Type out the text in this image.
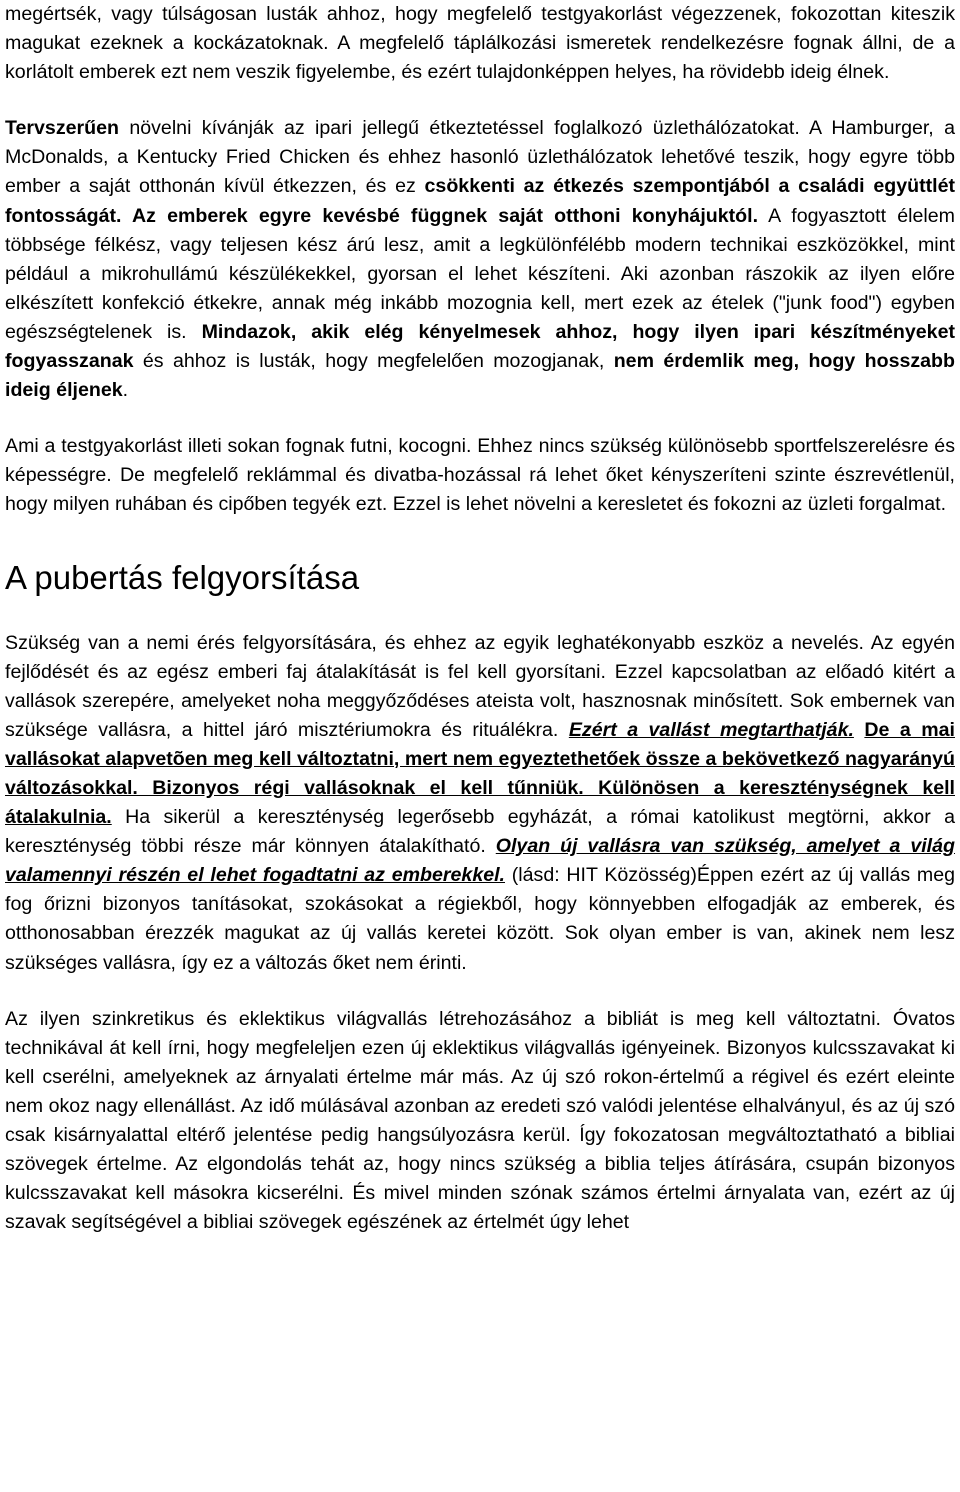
megértsék, vagy túlságosan lusták ahhoz, hogy megfelelő testgyakorlást végezzenek, fokozottan kiteszik magukat ezeknek a kockázatoknak. A megfelelő táplálkozási ismeretek rendelkezésre fognak állni, de a korlátolt emberek ezt nem veszik figyelembe, és ezért tulajdonképpen helyes, ha rövidebb ideig élnek.

Tervszerűen növelni kívánják az ipari jellegű étkeztetéssel foglalkozó üzlethálózatokat. A Hamburger, a McDonalds, a Kentucky Fried Chicken és ehhez hasonló üzlethálózatok lehetővé teszik, hogy egyre több ember a saját otthonán kívül étkezzen, és ez csökkenti az étkezés szempontjából a családi együttlét fontosságát. Az emberek egyre kevésbé függnek saját otthoni konyhájuktól. A fogyasztott élelem többsége félkész, vagy teljesen kész árú lesz, amit a legkülönfélébb modern technikai eszközökkel, mint például a mikrohullámú készülékekkel, gyorsan el lehet készíteni. Aki azonban rászokik az ilyen előre elkészített konfekció étkekre, annak még inkább mozognia kell, mert ezek az ételek ("junk food") egyben egészségtelenek is. Mindazok, akik elég kényelmesek ahhoz, hogy ilyen ipari készítményeket fogyasszanak és ahhoz is lusták, hogy megfelelően mozogjanak, nem érdemlik meg, hogy hosszabb ideig éljenek.

Ami a testgyakorlást illeti sokan fognak futni, kocogni. Ehhez nincs szükség különösebb sportfelszerelésre és képességre. De megfelelő reklámmal és divatba-hozással rá lehet őket kényszeríteni szinte észrevétlenül, hogy milyen ruhában és cipőben tegyék ezt. Ezzel is lehet növelni a keresletet és fokozni az üzleti forgalmat.

A pubertás felgyorsítása

Szükség van a nemi érés felgyorsítására, és ehhez az egyik leghatékonyabb eszköz a nevelés. Az egyén fejlődését és az egész emberi faj átalakítását is fel kell gyorsítani. Ezzel kapcsolatban az előadó kitért a vallások szerepére, amelyeket noha meggyőződéses ateista volt, hasznosnak minősített. Sok embernek van szüksége vallásra, a hittel járó misztériumokra és rituálékra. Ezért a vallást megtarthatják. De a mai vallásokat alapvetõen meg kell változtatni, mert nem egyeztethetőek össze a bekövetkező nagyarányú változásokkal. Bizonyos régi vallásoknak el kell tűnniük. Különösen a kereszténységnek kell átalakulnia. Ha sikerül a kereszténység legerősebb egyházát, a római katolikust megtörni, akkor a kereszténység többi része már könnyen átalakítható. Olyan új vallásra van szükség, amelyet a világ valamennyi részén el lehet fogadtatni az emberekkel. (lásd: HIT Közösség)Éppen ezért az új vallás meg fog őrizni bizonyos tanításokat, szokásokat a régiekből, hogy könnyebben elfogadják az emberek, és otthonosabban érezzék magukat az új vallás keretei között. Sok olyan ember is van, akinek nem lesz szükséges vallásra, így ez a változás őket nem érinti.

Az ilyen szinkretikus és eklektikus világvallás létrehozásához a bibliát is meg kell változtatni. Óvatos technikával át kell írni, hogy megfeleljen ezen új eklektikus világvallás igényeinek. Bizonyos kulcsszavakat ki kell cserélni, amelyeknek az árnyalati értelme már más. Az új szó rokon-értelmű a régivel és ezért eleinte nem okoz nagy ellenállást. Az idő múlásával azonban az eredeti szó valódi jelentése elhalványul, és az új szó csak kisárnyalattal eltérő jelentése pedig hangsúlyozásra kerül. Így fokozatosan megváltoztatható a bibliai szövegek értelme. Az elgondolás tehát az, hogy nincs szükség a biblia teljes átírására, csupán bizonyos kulcsszavakat kell másokra kicserélni. És mivel minden szónak számos értelmi árnyalata van, ezért az új szavak segítségével a bibliai szövegek egészének az értelmét úgy lehet
